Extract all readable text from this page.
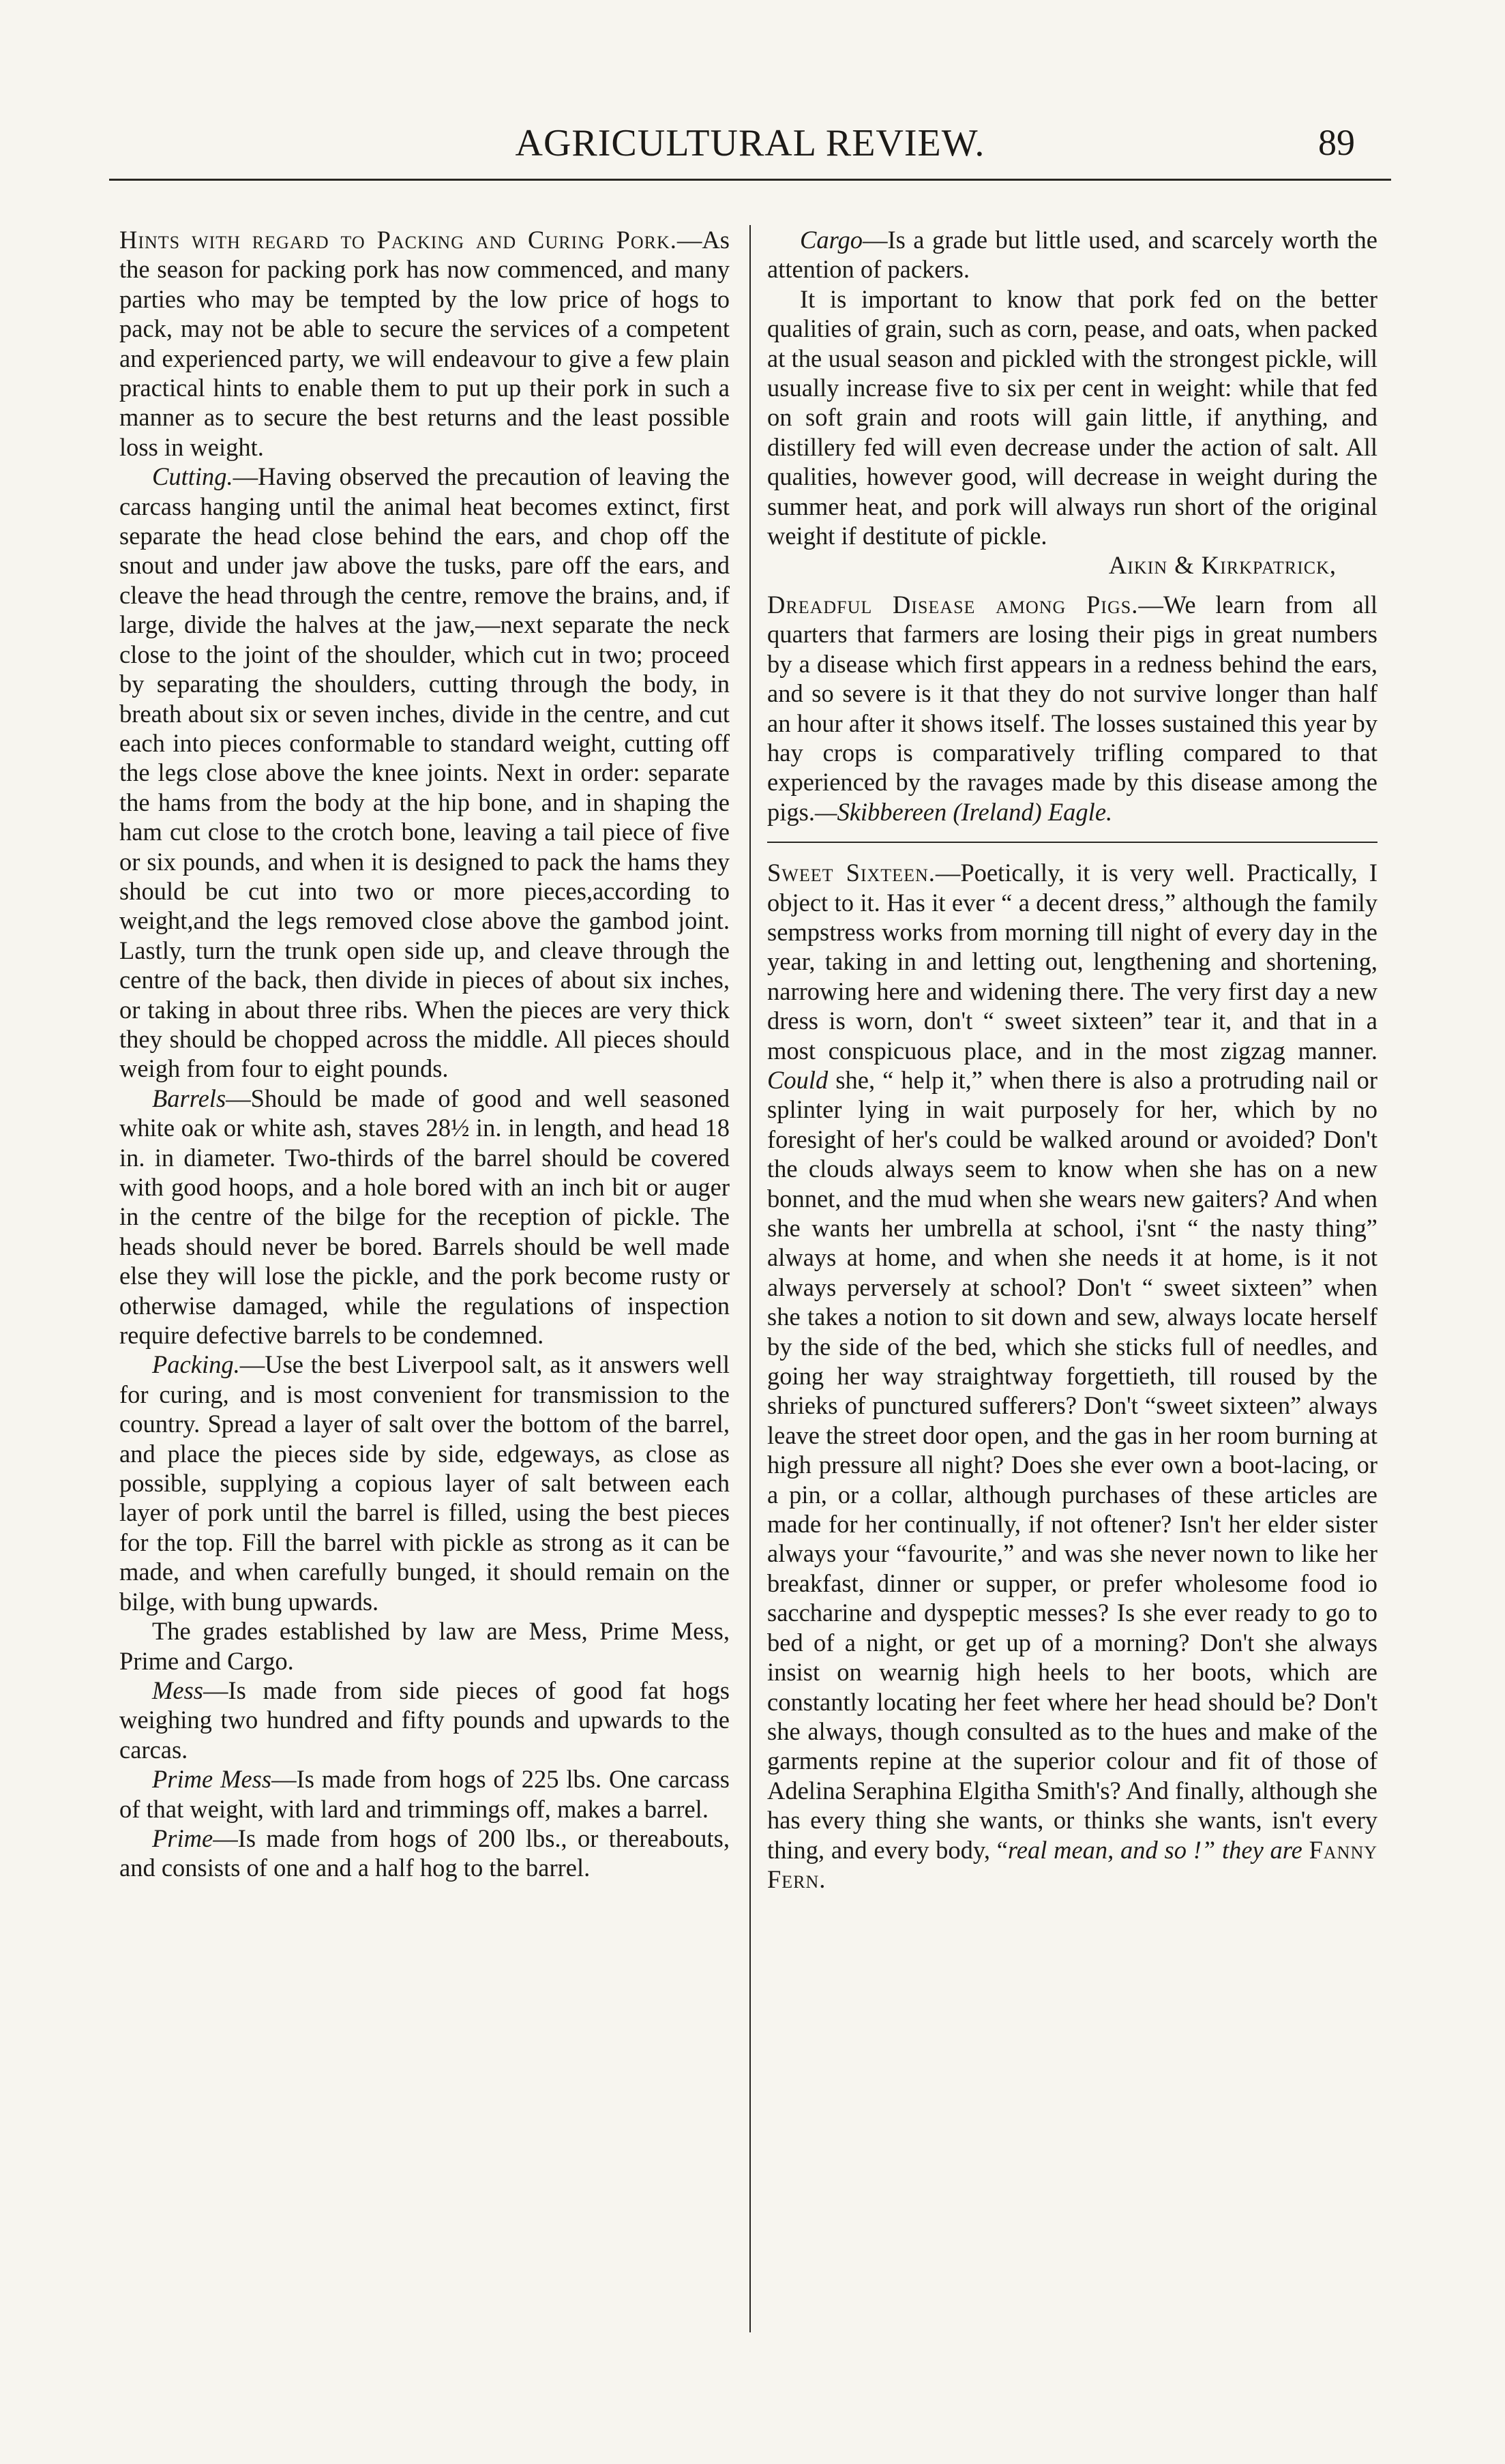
AGRICULTURAL REVIEW.	89

Hints with regard to Packing and Curing Pork.—As the season for packing pork has now commenced, and many parties who may be tempted by the low price of hogs to pack, may not be able to secure the services of a competent and experienced party, we will endeavour to give a few plain practical hints to enable them to put up their pork in such a manner as to secure the best returns and the least possible loss in weight.

Cutting.—Having observed the precaution of leaving the carcass hanging until the animal heat becomes extinct, first separate the head close behind the ears, and chop off the snout and under jaw above the tusks, pare off the ears, and cleave the head through the centre, remove the brains, and, if large, divide the halves at the jaw,—next separate the neck close to the joint of the shoulder, which cut in two; proceed by separating the shoulders, cutting through the body, in breath about six or seven inches, divide in the centre, and cut each into pieces conformable to standard weight, cutting off the legs close above the knee joints. Next in order: separate the hams from the body at the hip bone, and in shaping the ham cut close to the crotch bone, leaving a tail piece of five or six pounds, and when it is designed to pack the hams they should be cut into two or more pieces,according to weight,and the legs removed close above the gambod joint. Lastly, turn the trunk open side up, and cleave through the centre of the back, then divide in pieces of about six inches, or taking in about three ribs. When the pieces are very thick they should be chopped across the middle. All pieces should weigh from four to eight pounds.

Barrels—Should be made of good and well seasoned white oak or white ash, staves 28½ in. in length, and head 18 in. in diameter. Two-thirds of the barrel should be covered with good hoops, and a hole bored with an inch bit or auger in the centre of the bilge for the reception of pickle. The heads should never be bored. Barrels should be well made else they will lose the pickle, and the pork become rusty or otherwise damaged, while the regulations of inspection require defective barrels to be condemned.

Packing.—Use the best Liverpool salt, as it answers well for curing, and is most convenient for transmission to the country. Spread a layer of salt over the bottom of the barrel, and place the pieces side by side, edgeways, as close as possible, supplying a copious layer of salt between each layer of pork until the barrel is filled, using the best pieces for the top. Fill the barrel with pickle as strong as it can be made, and when carefully bunged, it should remain on the bilge, with bung upwards.

The grades established by law are Mess, Prime Mess, Prime and Cargo.

Mess—Is made from side pieces of good fat hogs weighing two hundred and fifty pounds and upwards to the carcas.

Prime Mess—Is made from hogs of 225 lbs. One carcass of that weight, with lard and trimmings off, makes a barrel.

Prime—Is made from hogs of 200 lbs., or thereabouts, and consists of one and a half hog to the barrel.

Cargo—Is a grade but little used, and scarcely worth the attention of packers.

It is important to know that pork fed on the better qualities of grain, such as corn, pease, and oats, when packed at the usual season and pickled with the strongest pickle, will usually increase five to six per cent in weight: while that fed on soft grain and roots will gain little, if anything, and distillery fed will even decrease under the action of salt. All qualities, however good, will decrease in weight during the summer heat, and pork will always run short of the original weight if destitute of pickle.

Aikin & Kirkpatrick,

Dreadful Disease among Pigs.—We learn from all quarters that farmers are losing their pigs in great numbers by a disease which first appears in a redness behind the ears, and so severe is it that they do not survive longer than half an hour after it shows itself. The losses sustained this year by hay crops is comparatively trifling compared to that experienced by the ravages made by this disease among the pigs.—Skibbereen (Ireland) Eagle.

Sweet Sixteen.—Poetically, it is very well. Practically, I object to it. Has it ever “ a decent dress,” although the family sempstress works from morning till night of every day in the year, taking in and letting out, lengthening and shortening, narrowing here and widening there. The very first day a new dress is worn, don't “ sweet sixteen” tear it, and that in a most conspicuous place, and in the most zigzag manner. Could she, “ help it,” when there is also a protruding nail or splinter lying in wait purposely for her, which by no foresight of her's could be walked around or avoided? Don't the clouds always seem to know when she has on a new bonnet, and the mud when she wears new gaiters? And when she wants her umbrella at school, i'snt “ the nasty thing” always at home, and when she needs it at home, is it not always perversely at school? Don't “ sweet sixteen” when she takes a notion to sit down and sew, always locate herself by the side of the bed, which she sticks full of needles, and going her way straightway forgettieth, till roused by the shrieks of punctured sufferers? Don't “sweet sixteen” always leave the street door open, and the gas in her room burning at high pressure all night? Does she ever own a boot-lacing, or a pin, or a collar, although purchases of these articles are made for her continually, if not oftener? Isn't her elder sister always your “favourite,” and was she never nown to like her breakfast, dinner or supper, or prefer wholesome food io saccharine and dyspeptic messes? Is she ever ready to go to bed of a night, or get up of a morning? Don't she always insist on wearnig high heels to her boots, which are constantly locating her feet where her head should be? Don't she always, though consulted as to the hues and make of the garments repine at the superior colour and fit of those of Adelina Seraphina Elgitha Smith's? And finally, although she has every thing she wants, or thinks she wants, isn't every thing, and every body, “real mean, and so !” they are Fanny Fern.
